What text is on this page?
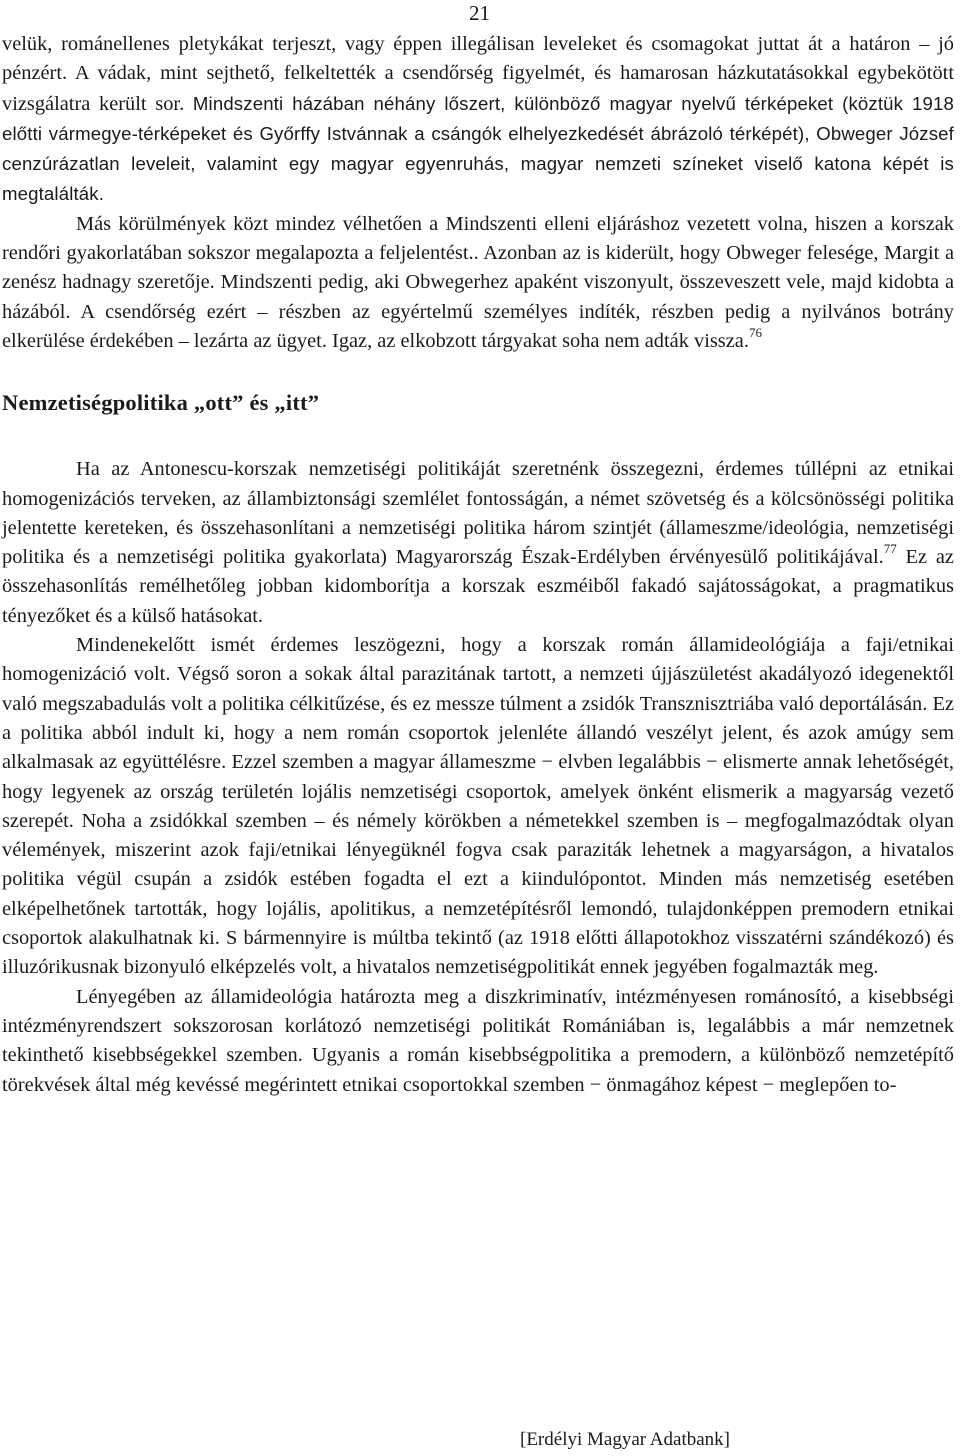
21

velük, románellenes pletykákat terjeszt, vagy éppen illegálisan leveleket és csomagokat juttat át a határon – jó pénzért. A vádak, mint sejthető, felkeltették a csendőrség figyelmét, és hamarosan házkutatásokkal egybekötött vizsgálatra került sor. Mindszenti házában néhány lőszert, különböző magyar nyelvű térképeket (köztük 1918 előtti vármegye-térképeket és Győrffy Istvánnak a csángók elhelyezkedését ábrázoló térképét), Obweger József cenzúrázatlan leveleit, valamint egy magyar egyenruhás, magyar nemzeti színeket viselő katona képét is megtalálták.

Más körülmények közt mindez vélhetően a Mindszenti elleni eljáráshoz vezetett volna, hiszen a korszak rendőri gyakorlatában sokszor megalapozta a feljelentést.. Azonban az is kiderült, hogy Obweger felesége, Margit a zenész hadnagy szeretője. Mindszenti pedig, aki Obwegerhez apaként viszonyult, összeveszett vele, majd kidobta a házából. A csendőrség ezért – részben az egyértelmű személyes indíték, részben pedig a nyilvános botrány elkerülése érdekében – lezárta az ügyet. Igaz, az elkobzott tárgyakat soha nem adták vissza.$^{76}$

Nemzetiségpolitika „ott” és „itt”

Ha az Antonescu-korszak nemzetiségi politikáját szeretnénk összegezni, érdemes túllépni az etnikai homogenizációs terveken, az állambiztonsági szemlélet fontosságán, a német szövetség és a kölcsönösségi politika jelentette kereteken, és összehasonlítani a nemzetiségi politika három szintjét (állameszme/ideológia, nemzetiségi politika és a nemzetiségi politika gyakorlata) Magyarország Észak-Erdélyben érvényesülő politikájával.$^{77}$ Ez az összehasonlítás remélhetőleg jobban kidomborítja a korszak eszméiből fakadó sajátosságokat, a pragmatikus tényezőket és a külső hatásokat.

Mindenekelőtt ismét érdemes leszögezni, hogy a korszak román államideológiája a faji/etnikai homogenizáció volt. Végső soron a sokak által parazitának tartott, a nemzeti újjászületést akadályozó idegenektől való megszabadulás volt a politika célkitűzése, és ez messze túlment a zsidók Transznisztriába való deportálásán. Ez a politika abból indult ki, hogy a nem román csoportok jelenléte állandó veszélyt jelent, és azok amúgy sem alkalmasak az együttélésre. Ezzel szemben a magyar állameszme − elvben legalábbis − elismerte annak lehetőségét, hogy legyenek az ország területén lojális nemzetiségi csoportok, amelyek önként elismerik a magyarság vezető szerepét. Noha a zsidókkal szemben – és némely körökben a németekkel szemben is – megfogalmazódtak olyan vélemények, miszerint azok faji/etnikai lényegüknél fogva csak paraziták lehetnek a magyarságon, a hivatalos politika végül csupán a zsidók estében fogadta el ezt a kiindulópontot. Minden más nemzetiség esetében elképelhetőnek tartották, hogy lojális, apolitikus, a nemzetépítésről lemondó, tulajdonképpen premodern etnikai csoportok alakulhatnak ki. S bármennyire is múltba tekintő (az 1918 előtti állapotokhoz visszatérni szándékozó) és illuzórikusnak bizonyuló elképzelés volt, a hivatalos nemzetiségpolitikát ennek jegyében fogalmazták meg.

Lényegében az államideológia határozta meg a diszkriminatív, intézményesen románosító, a kisebbségi intézményrendszert sokszorosan korlátozó nemzetiségi politikát Romániában is, legalábbis a már nemzetnek tekinthető kisebbségekkel szemben. Ugyanis a román kisebbségpolitika a premodern, a különböző nemzetépítő törekvések által még kevéssé megérintett etnikai csoportokkal szemben − önmagához képest − meglepően to-

[Erdélyi Magyar Adatbank]
